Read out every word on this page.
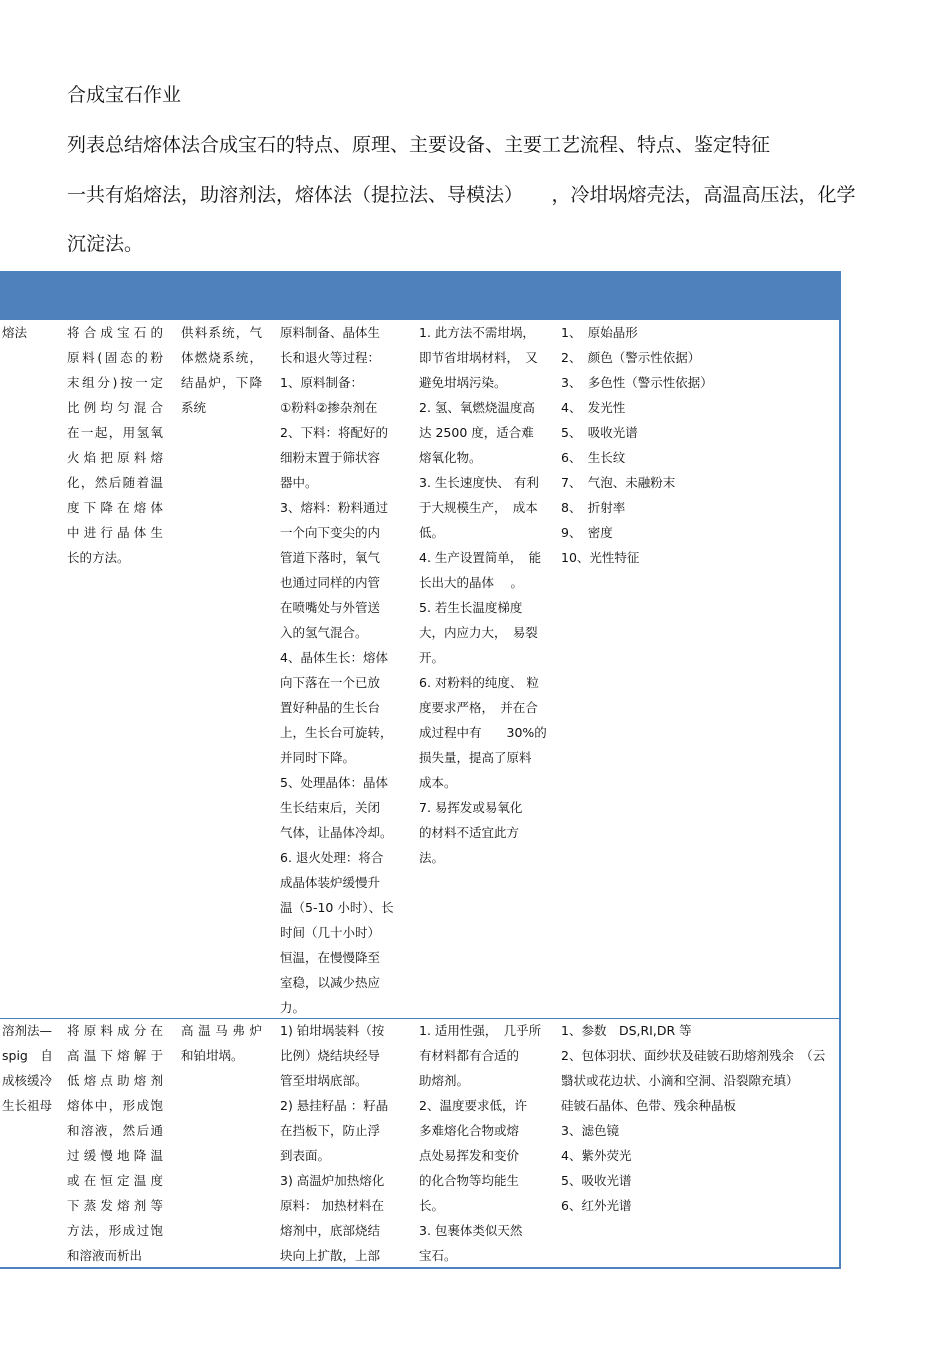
合成宝石作业
列表总结熔体法合成宝石的特点、原理、主要设备、主要工艺流程、特点、鉴定特征
一共有焰熔法，助溶剂法，熔体法（提拉法、导模法）　　，冷坩埚熔壳法，高温高压法，化学
沉淀法。
熔法	将合成宝石的
原料(固态的粉
末组分)按一定
比例均匀混合
在一起，用氢氧
火焰把原料熔
化，然后随着温
度下降在熔体
中进行晶体生
长的方法。
供料系统，气
体燃烧系统，
结晶炉，下降
系统
原料制备、晶体生
长和退火等过程：
1、原料制备：
①粉料②掺杂剂在
2、下料：将配好的
细粉末置于筛状容
器中。
3、熔料：粉料通过
一个向下变尖的内
管道下落时，氧气
也通过同样的内管
在喷嘴处与外管送
入的氢气混合。
4、晶体生长：熔体
向下落在一个已放
置好种晶的生长台
上，生长台可旋转，
并同时下降。
5、处理晶体：晶体
生长结束后，关闭
气体，让晶体冷却。
6. 退火处理：将合
成晶体装炉缓慢升
温（5-10 小时）、长
时间（几十小时）
恒温，在慢慢降至
室稳，以减少热应
力。
1. 此方法不需坩埚，
即节省坩埚材料，　又
避免坩埚污染。
2. 氢、氧燃烧温度高
达 2500 度，适合难
熔氧化物。
3. 生长速度快、 有利
于大规模生产，　成本
低。
4. 生产设置简单，　能
长出大的晶体　 。
5. 若生长温度梯度
大，内应力大，　易裂
开。
6. 对粉料的纯度、 粒
度要求严格，　并在合
成过程中有　　30%的
损失量，提高了原料
成本。
7. 易挥发或易氧化
的材料不适宜此方
法。
1、　原始晶形
2、　颜色（警示性依据）
3、　多色性（警示性依据）
4、　发光性
5、　吸收光谱
6、　生长纹
7、　气泡、未融粉末
8、　折射率
9、　密度
10、光性特征
溶剂法—
spig　自
成核缓冷
生长祖母
将原料成分在
高温下熔解于
低熔点助熔剂
熔体中，形成饱
和溶液，然后通
过缓慢地降温
或在恒定温度
下蒸发熔剂等
方法，形成过饱
和溶液而析出
高温马弗炉
和铂坩埚。
1) 铂坩埚装料（按
比例）烧结块经导
管至坩埚底部。
2) 悬挂籽晶 ：籽晶
在挡板下，防止浮
到表面。
3) 高温炉加热熔化
原料： 加热材料在
熔剂中，底部烧结
块向上扩散，上部
1. 适用性强，　几乎所
有材料都有合适的
助熔剂。
2、温度要求低，许
多难熔化合物或熔
点处易挥发和变价
的化合物等均能生
长。
3. 包裹体类似天然
宝石。
1、参数　DS,RI,DR 等
2、包体羽状、面纱状及硅铍石助熔剂残余　（云
翳状或花边状、小滴和空洞、沿裂隙充填）
硅铍石晶体、色带、残余种晶板
3、滤色镜
4、紫外荧光
5、吸收光谱
6、红外光谱
